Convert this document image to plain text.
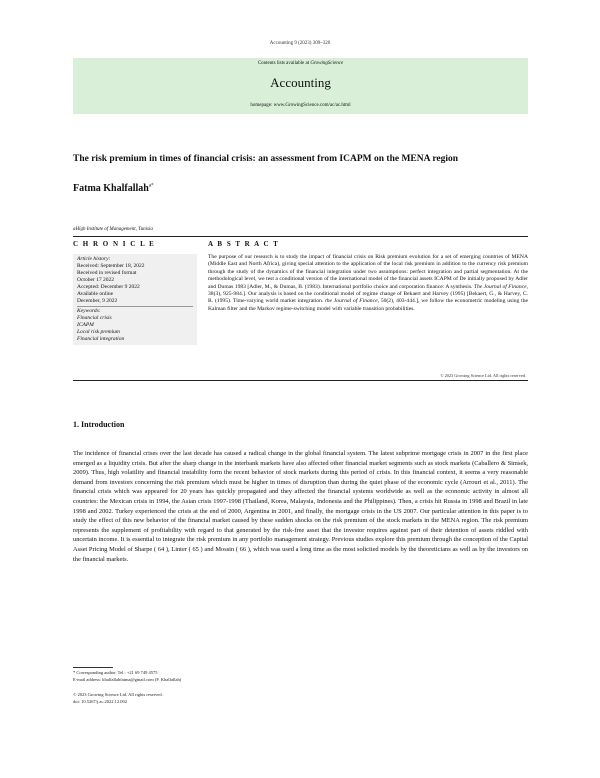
Accounting 9 (2023) 309–320
Contents lists available at GrowingScience
Accounting
homepage: www.GrowingScience.com/ac/ac.html
The risk premium in times of financial crisis: an assessment from ICAPM on the MENA region
Fatma Khalfallah$^{a*}$
aHigh Institute of Management, Tunisia
C H R O N I C L E	A B S T R A C T
Article history:
Received: September 18, 2022
Received in revised format
October 17 2022
Accepted: December 9 2022
Available online
December, 9 2022
Keywords:
Financial crisis
ICAPM
Local risk premium
Financial integration
The purpose of our research is to study the impact of financial crisis on Risk premium evolution for a set of emerging countries of MENA (Middle East and North Africa), giving special attention to the application of the local risk premium in addition to the currency risk premium through the study of the dynamics of the financial integration under two assumptions: perfect integration and partial segmentation. At the methodological level, we test a conditional version of the international model of the financial assets ICAPM of De initially proposed by Adler and Dumas 1983 [Adler, M., & Dumas, B. (1983). International portfolio choice and corporation finance: A synthesis. The Journal of Finance, 38(3), 925-984.]. Our analysis is based on the conditional model of regime change of Bekaert and Harvey (1995) [Bekaert, G., & Harvey, C. R. (1995). Time-varying world market integration. the Journal of Finance, 50(2), 403-444.], we follow the econometric modeling using the Kalman filter and the Markov regime-switching model with variable transition probabilities.
© 2023 Growing Science Ltd. All rights reserved.
1. Introduction
The incidence of financial crises over the last decade has caused a radical change in the global financial system. The latest subprime mortgage crisis in 2007 in the first place emerged as a liquidity crisis. But after the sharp change in the interbank markets have also affected other financial market segments such as stock markets (Caballero & Simsek, 2009). Thus, high volatility and financial instability form the recent behavior of stock markets during this period of crisis. In this financial context, it seems a very reasonable demand from investors concerning the risk premium which must be higher in times of disruption than during the quiet phase of the economic cycle (Arrouri et al., 2011). The financial crisis which was appeared for 20 years has quickly propagated and they affected the financial systems worldwide as well as the economic activity in almost all countries: the Mexican crisis in 1994, the Asian crisis 1997-1998 (Thailand, Korea, Malaysia, Indonesia and the Philippines). Then, a crisis hit Russia in 1998 and Brazil in late 1998 and 2002. Turkey experienced the crisis at the end of 2000, Argentina in 2001, and finally, the mortgage crisis in the US 2007. Our particular attention in this paper is to study the effect of this new behavior of the financial market caused by these sudden shocks on the risk premium of the stock markets in the MENA region. The risk premium represents the supplement of profitability with regard to that generated by the risk-free asset that the investor requires against part of their detention of assets riddled with uncertain income. It is essential to integrate the risk premium in any portfolio management strategy. Previous studies explore this premium through the conception of the Capital Asset Pricing Model of Sharpe ( 64 ), Linter ( 65 ) and Mossin ( 66 ), which was used a long time as the most solicited models by the theoreticians as well as by the investors on the financial markets.
* Corresponding author. Tel.: +21 69 749 4575
E-mail address: khalfallahfatma@gmail.com (F. Khalfallah)
© 2023 Growing Science Ltd. All rights reserved.
doi: 10.5267/j.ac.2022.12.002
